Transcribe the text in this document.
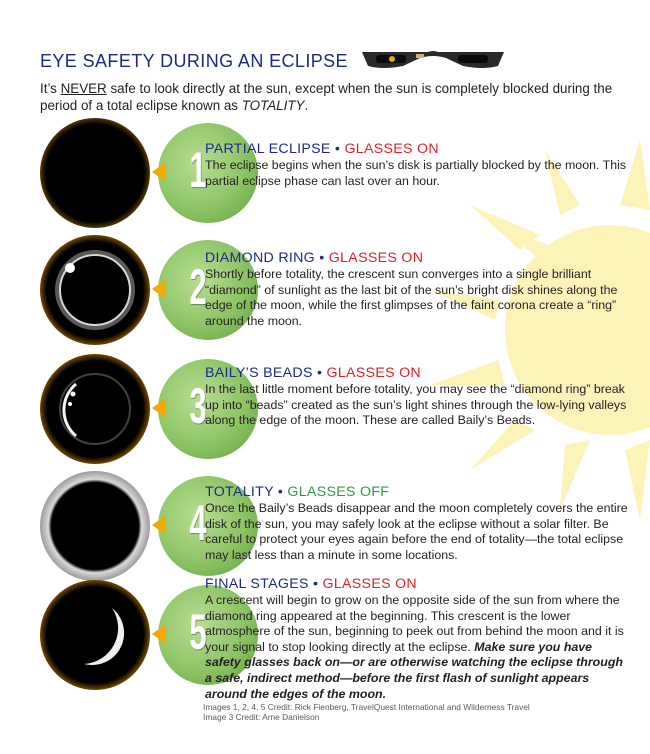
EYE SAFETY DURING AN ECLIPSE
It’s NEVER safe to look directly at the sun, except when the sun is completely blocked during the period of a total eclipse known as TOTALITY.
1
PARTIAL ECLIPSE • GLASSES ON
The eclipse begins when the sun’s disk is partially blocked by the moon. This partial eclipse phase can last over an hour.
2
DIAMOND RING • GLASSES ON
Shortly before totality, the crescent sun converges into a single brilliant “diamond” of sunlight as the last bit of the sun’s bright disk shines along the edge of the moon, while the first glimpses of the faint corona create a “ring” around the moon.
3
BAILY’S BEADS • GLASSES ON
In the last little moment before totality, you may see the “diamond ring” break up into “beads” created as the sun’s light shines through the low-lying valleys along the edge of the moon. These are called Baily’s Beads.
4
TOTALITY • GLASSES OFF
Once the Baily’s Beads disappear and the moon completely covers the entire disk of the sun, you may safely look at the eclipse without a solar filter. Be careful to protect your eyes again before the end of totality—the total eclipse may last less than a minute in some locations.
5
FINAL STAGES • GLASSES ON
A crescent will begin to grow on the opposite side of the sun from where the diamond ring appeared at the beginning. This crescent is the lower atmosphere of the sun, beginning to peek out from behind the moon and it is your signal to stop looking directly at the eclipse. Make sure you have safety glasses back on—or are otherwise watching the eclipse through a safe, indirect method—before the first flash of sunlight appears around the edges of the moon.
Images 1, 2, 4, 5 Credit: Rick Fienberg, TravelQuest International and Wilderness Travel
Image 3 Credit: Arne Danielson
